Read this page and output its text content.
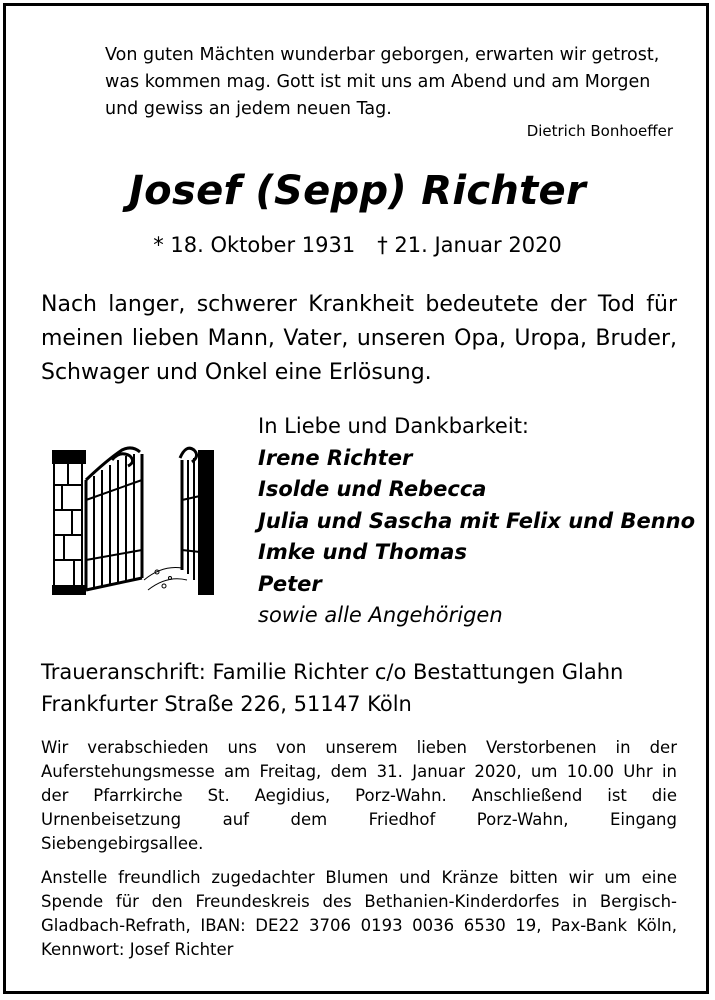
Von guten Mächten wunderbar geborgen, erwarten wir getrost,
was kommen mag. Gott ist mit uns am Abend und am Morgen
und gewiss an jedem neuen Tag.
Dietrich Bonhoeffer
Josef (Sepp) Richter
* 18. Oktober 1931 † 21. Januar 2020
Nach langer, schwerer Krankheit bedeutete der Tod für
meinen lieben Mann, Vater, unseren Opa, Uropa, Bruder,
Schwager und Onkel eine Erlösung.
In Liebe und Dankbarkeit:
Irene Richter
Isolde und Rebecca
Julia und Sascha mit Felix und Benno
Imke und Thomas
Peter
sowie alle Angehörigen
Traueranschrift: Familie Richter c/o Bestattungen Glahn
Frankfurter Straße 226, 51147 Köln
Wir verabschieden uns von unserem lieben Verstorbenen in der
Auferstehungsmesse am Freitag, dem 31. Januar 2020, um 10.00 Uhr in
der Pfarrkirche St. Aegidius, Porz-Wahn. Anschließend ist die
Urnenbeisetzung auf dem Friedhof Porz-Wahn, Eingang
Siebengebirgsallee.
Anstelle freundlich zugedachter Blumen und Kränze bitten wir um eine
Spende für den Freundeskreis des Bethanien-Kinderdorfes in Bergisch-
Gladbach-Refrath, IBAN: DE22 3706 0193 0036 6530 19, Pax-Bank Köln,
Kennwort: Josef Richter
